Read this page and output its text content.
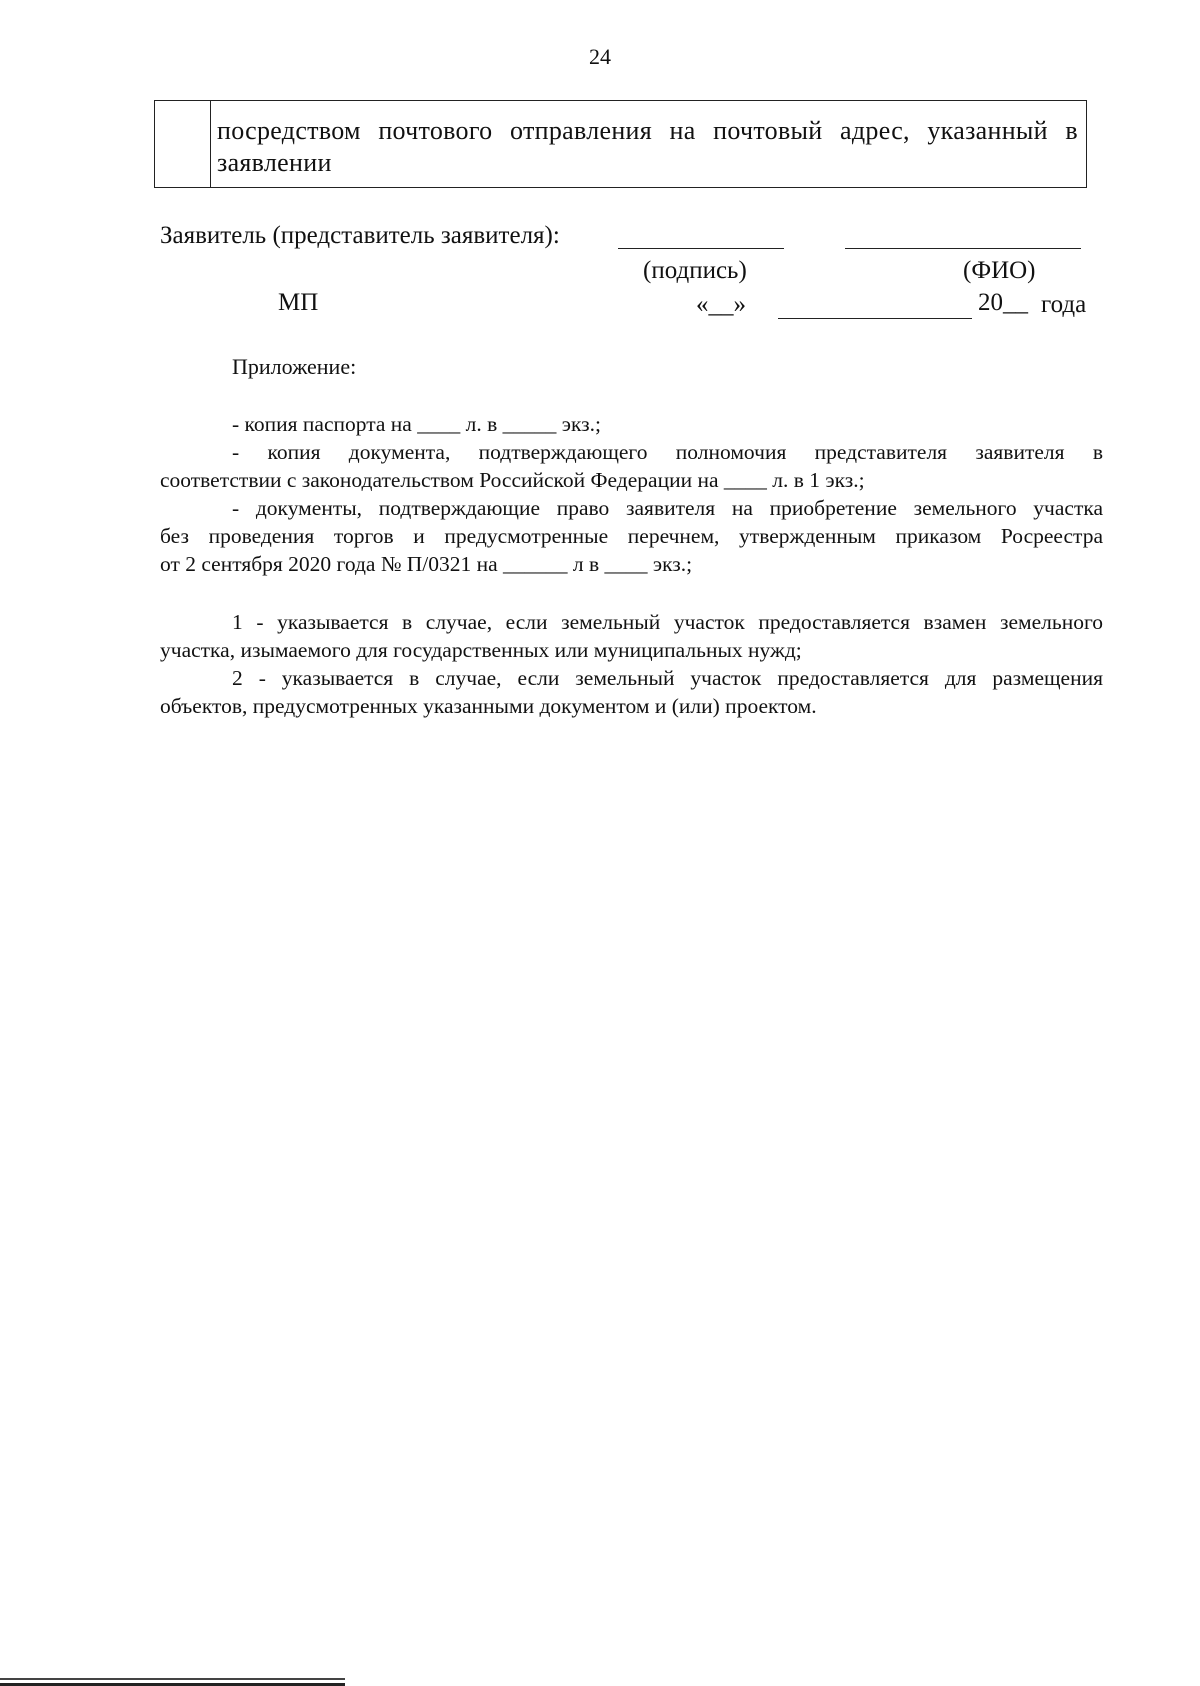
24
посредством почтового отправления на почтовый адрес, указанный в
заявлении
Заявитель (представитель заявителя):
(подпись)	(ФИО)
МП	«__»	20__ года
Приложение:
- копия паспорта на ____ л. в _____ экз.;
- копия документа, подтверждающего полномочия представителя заявителя в
соответствии с законодательством Российской Федерации на ____ л. в 1 экз.;
- документы, подтверждающие право заявителя на приобретение земельного участка
без проведения торгов и предусмотренные перечнем, утвержденным приказом Росреестра
от 2 сентября 2020 года № П/0321 на ______ л в ____ экз.;
1 - указывается в случае, если земельный участок предоставляется взамен земельного
участка, изымаемого для государственных или муниципальных нужд;
2 - указывается в случае, если земельный участок предоставляется для размещения
объектов, предусмотренных указанными документом и (или) проектом.
